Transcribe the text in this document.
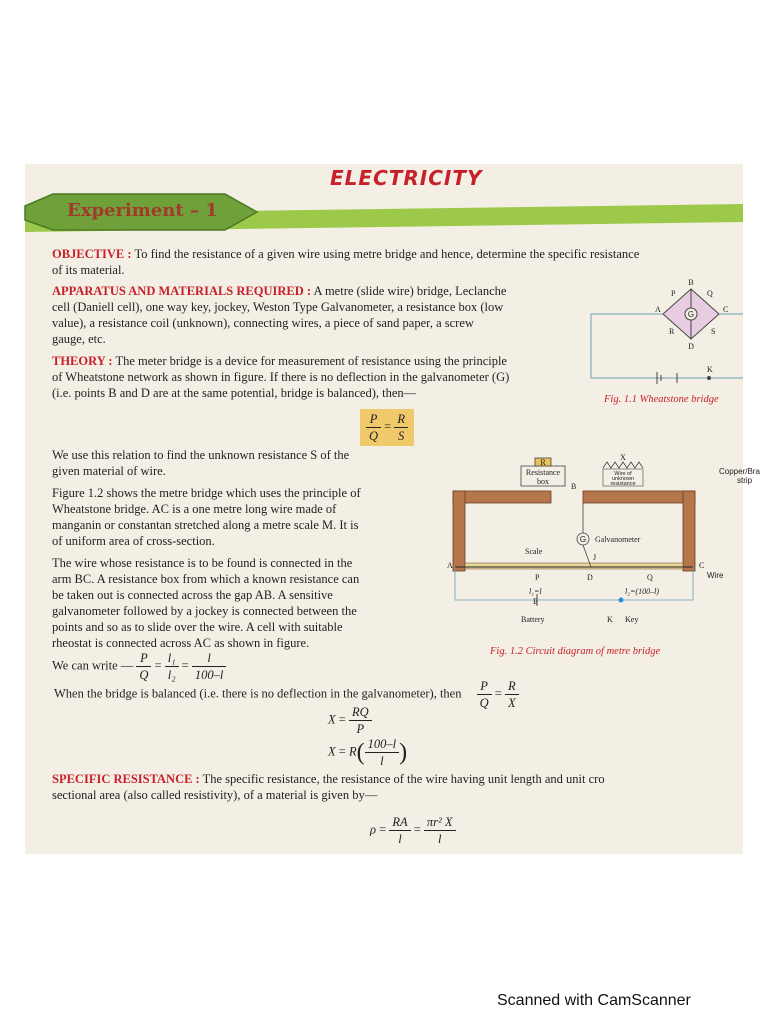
ELECTRICITY
Experiment – 1
OBJECTIVE : To find the resistance of a given wire using metre bridge and hence, determine the specific resistance
of its material.
APPARATUS AND MATERIALS REQUIRED : A metre (slide wire) bridge, Leclanche
cell (Daniell cell), one way key, jockey, Weston Type Galvanometer, a resistance box (low
value), a resistance coil (unknown), connecting wires, a piece of sand paper, a screw
gauge, etc.
THEORY : The meter bridge is a device for measurement of resistance using the principle
of Wheatstone network as shown in figure. If there is no deflection in the galvanometer (G)
(i.e. points B and D are at the same potential, bridge is balanced), then—
$\frac{P}{Q} = \frac{R}{S}$
We use this relation to find the unknown resistance S of the
given material of wire.
Figure 1.2 shows the metre bridge which uses the principle of
Wheatstone bridge. AC is a one metre long wire made of
manganin or constantan stretched along a metre scale M. It is
of uniform area of cross-section.
The wire whose resistance is to be found is connected in the
arm BC. A resistance box from which a known resistance can
be taken out is connected across the gap AB. A sensitive
galvanometer followed by a jockey is connected between the
points and so as to slide over the wire. A cell with suitable
rheostat is connected across AC as shown in figure.
We can write — $\frac{P}{Q} = \frac{\text{l₁}}{\text{l₂}} = \frac{l}{100-l}$
When the bridge is balanced (i.e. there is no deflection in the galvanometer), then $\frac{P}{Q} = \frac{R}{X}$
$X = \frac{RQ}{P}$
$X = R( \frac{100-l}{l}$ )
SPECIFIC RESISTANCE : The specific resistance, the resistance of the wire having unit length and unit cro
sectional area (also called resistivity), of a material is given by—
$\rho = \frac{RA}{l} = \frac{\text{πr² X}}{l}$
G
B
P	Q
A	C
R	S
D
K
Fig. 1.1 Wheatstone bridge
G
R
Resistance
box
X
Wire of
unknown
resistance
Copper/Bra
strip
B
Galvanometer
Scale
J
A	C
Wire
P	D	Q
l₁=l	l₂=(100–l)
E
Battery	K Key
Fig. 1.2 Circuit diagram of metre bridge
Scanned with CamScanner
